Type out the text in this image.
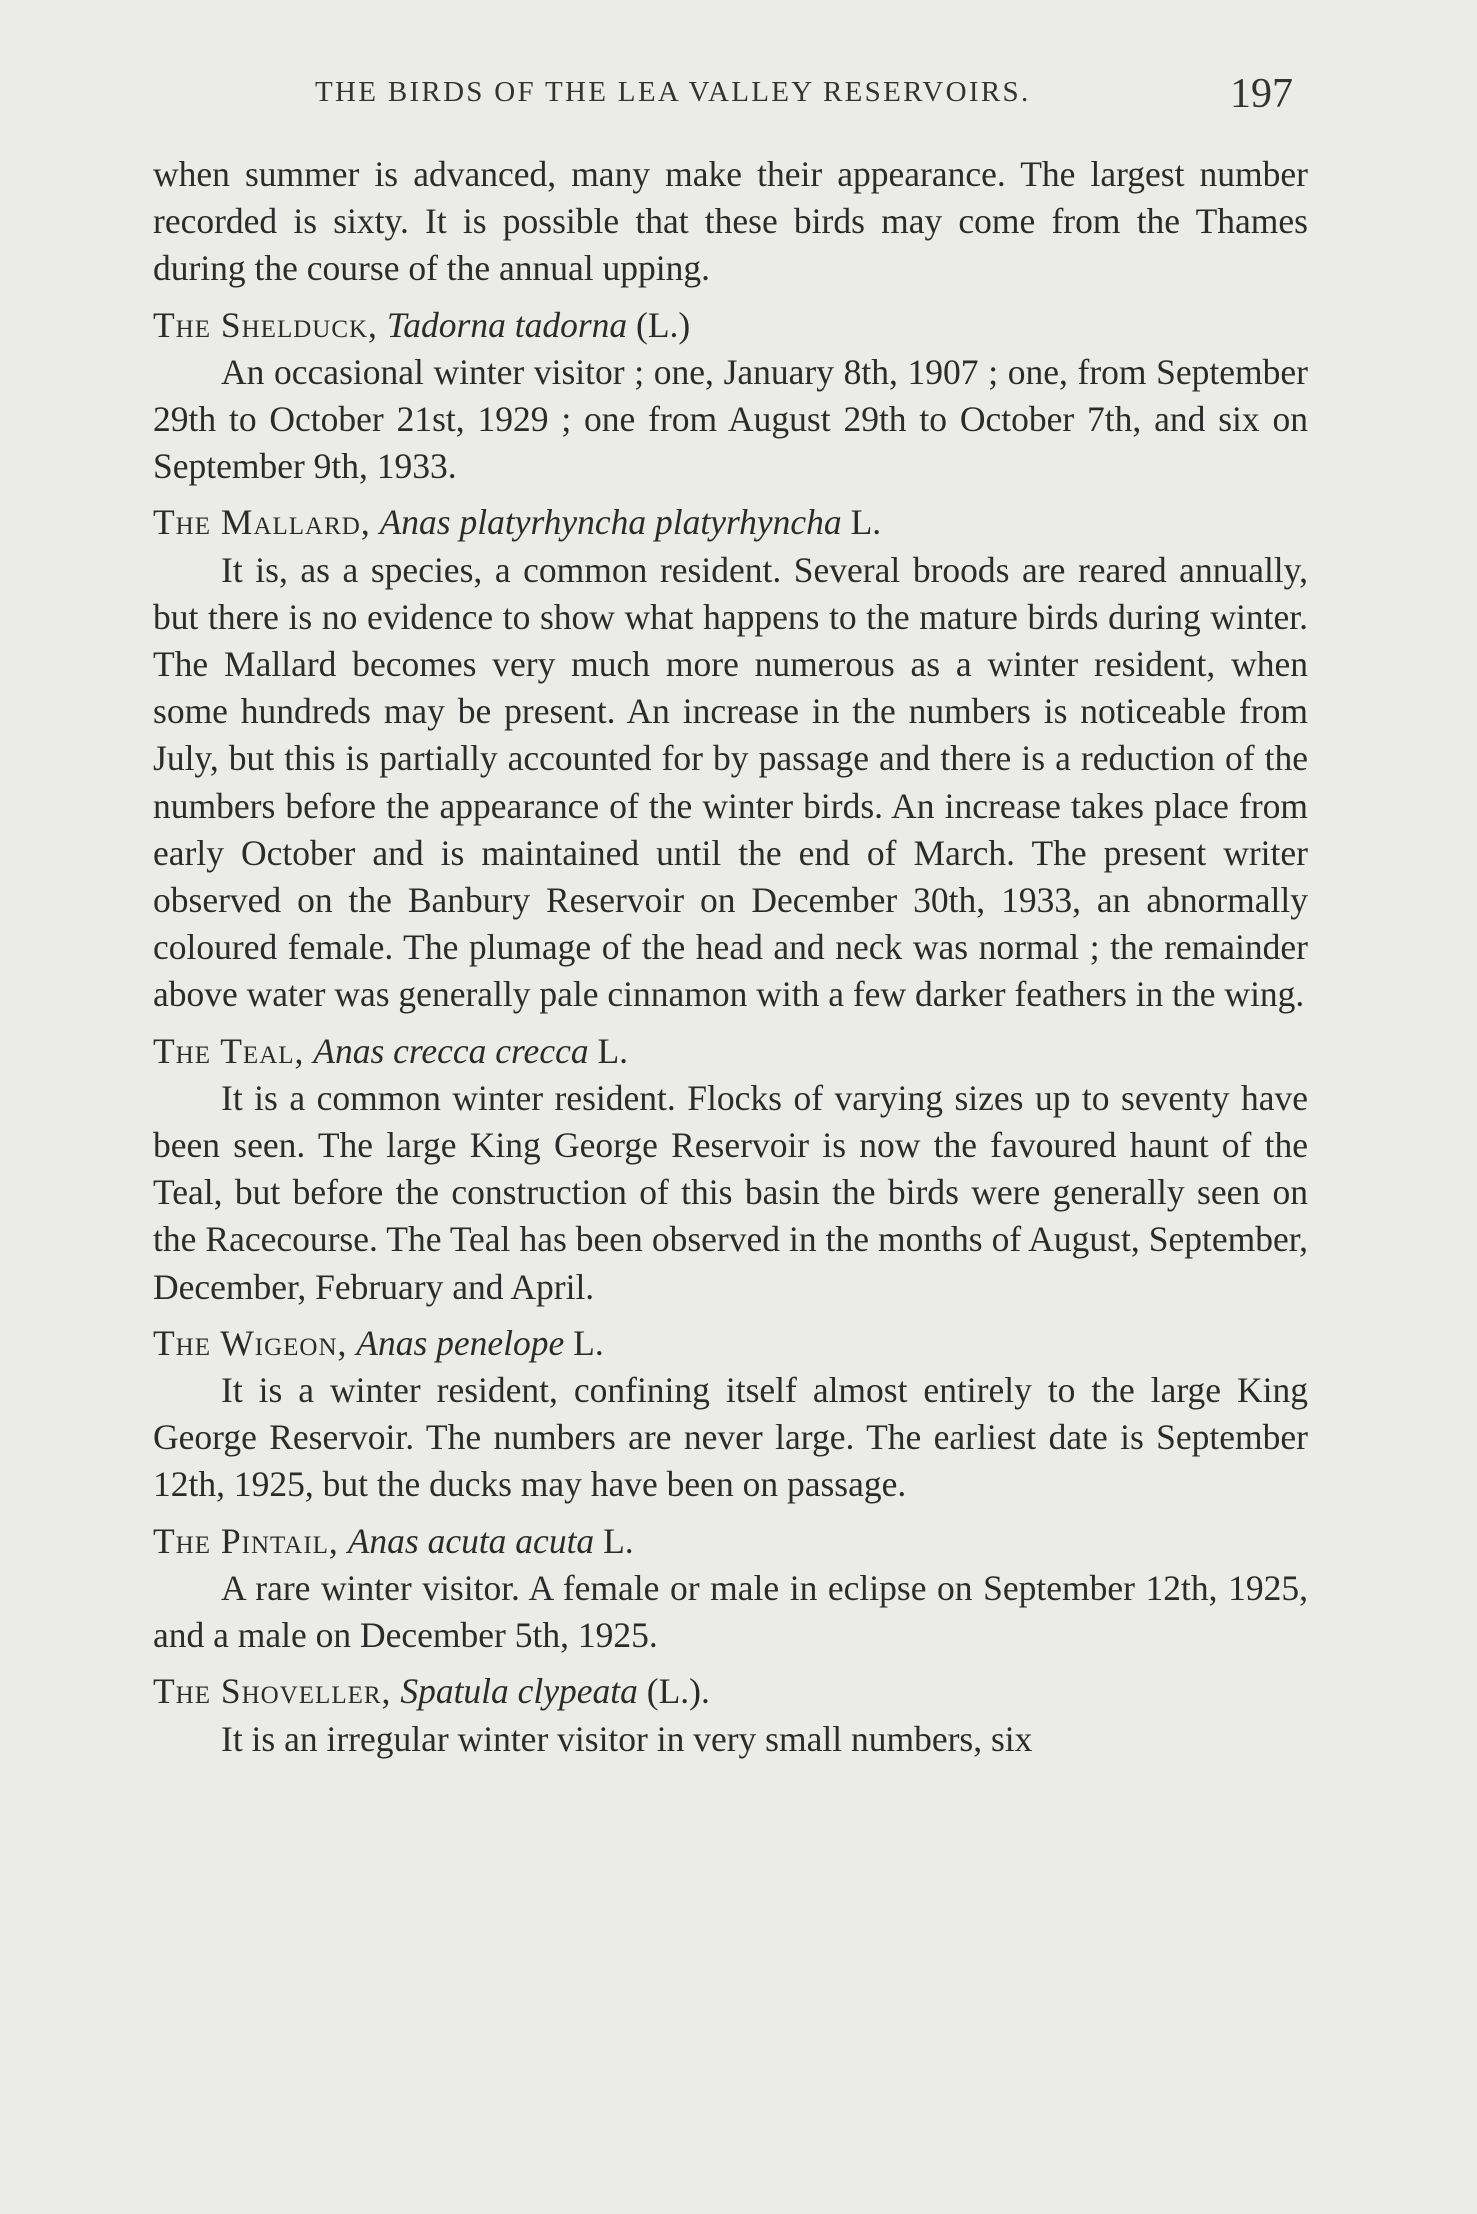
THE BIRDS OF THE LEA VALLEY RESERVOIRS.	197

when summer is advanced, many make their appearance. The largest number recorded is sixty. It is possible that these birds may come from the Thames during the course of the annual upping.

The Shelduck, Tadorna tadorna (L.)

An occasional winter visitor ; one, January 8th, 1907 ; one, from September 29th to October 21st, 1929 ; one from August 29th to October 7th, and six on September 9th, 1933.

The Mallard, Anas platyrhyncha platyrhyncha L.

It is, as a species, a common resident. Several broods are reared annually, but there is no evidence to show what happens to the mature birds during winter. The Mallard becomes very much more numerous as a winter resident, when some hundreds may be present. An increase in the numbers is noticeable from July, but this is partially accounted for by passage and there is a reduction of the numbers before the appearance of the winter birds. An increase takes place from early October and is maintained until the end of March. The present writer observed on the Banbury Reservoir on December 30th, 1933, an abnormally coloured female. The plumage of the head and neck was normal ; the remainder above water was generally pale cinnamon with a few darker feathers in the wing.

The Teal, Anas crecca crecca L.

It is a common winter resident. Flocks of varying sizes up to seventy have been seen. The large King George Reservoir is now the favoured haunt of the Teal, but before the construction of this basin the birds were generally seen on the Racecourse. The Teal has been observed in the months of August, September, December, February and April.

The Wigeon, Anas penelope L.

It is a winter resident, confining itself almost entirely to the large King George Reservoir. The numbers are never large. The earliest date is September 12th, 1925, but the ducks may have been on passage.

The Pintail, Anas acuta acuta L.

A rare winter visitor. A female or male in eclipse on September 12th, 1925, and a male on December 5th, 1925.

The Shoveller, Spatula clypeata (L.).

It is an irregular winter visitor in very small numbers, six
